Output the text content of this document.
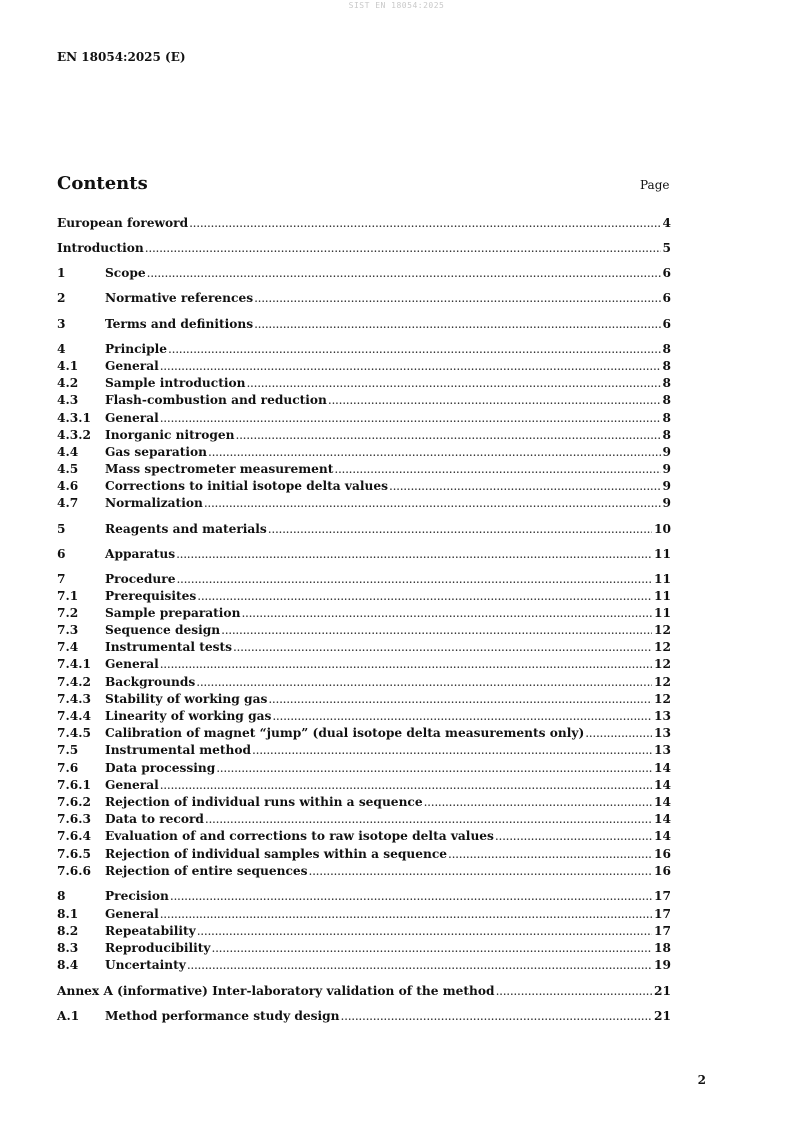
SIST EN 18054:2025
EN 18054:2025 (E)
Contents	Page
European foreword .....	4
Introduction .....	5
1	Scope .....	6
2	Normative references .....	6
3	Terms and definitions .....	6
4	Principle .....	8
4.1	General .....	8
4.2	Sample introduction .....	8
4.3	Flash-combustion and reduction .....	8
4.3.1	General .....	8
4.3.2	Inorganic nitrogen .....	8
4.4	Gas separation .....	9
4.5	Mass spectrometer measurement .....	9
4.6	Corrections to initial isotope delta values .....	9
4.7	Normalization .....	9
5	Reagents and materials .....	10
6	Apparatus .....	11
7	Procedure .....	11
7.1	Prerequisites .....	11
7.2	Sample preparation .....	11
7.3	Sequence design .....	12
7.4	Instrumental tests .....	12
7.4.1	General .....	12
7.4.2	Backgrounds .....	12
7.4.3	Stability of working gas .....	12
7.4.4	Linearity of working gas .....	13
7.4.5	Calibration of magnet “jump” (dual isotope delta measurements only) .....	13
7.5	Instrumental method .....	13
7.6	Data processing .....	14
7.6.1	General .....	14
7.6.2	Rejection of individual runs within a sequence .....	14
7.6.3	Data to record .....	14
7.6.4	Evaluation of and corrections to raw isotope delta values .....	14
7.6.5	Rejection of individual samples within a sequence .....	16
7.6.6	Rejection of entire sequences .....	16
8	Precision .....	17
8.1	General .....	17
8.2	Repeatability .....	17
8.3	Reproducibility .....	18
8.4	Uncertainty .....	19
Annex A (informative) Inter-laboratory validation of the method .....	21
A.1	Method performance study design .....	21
2
